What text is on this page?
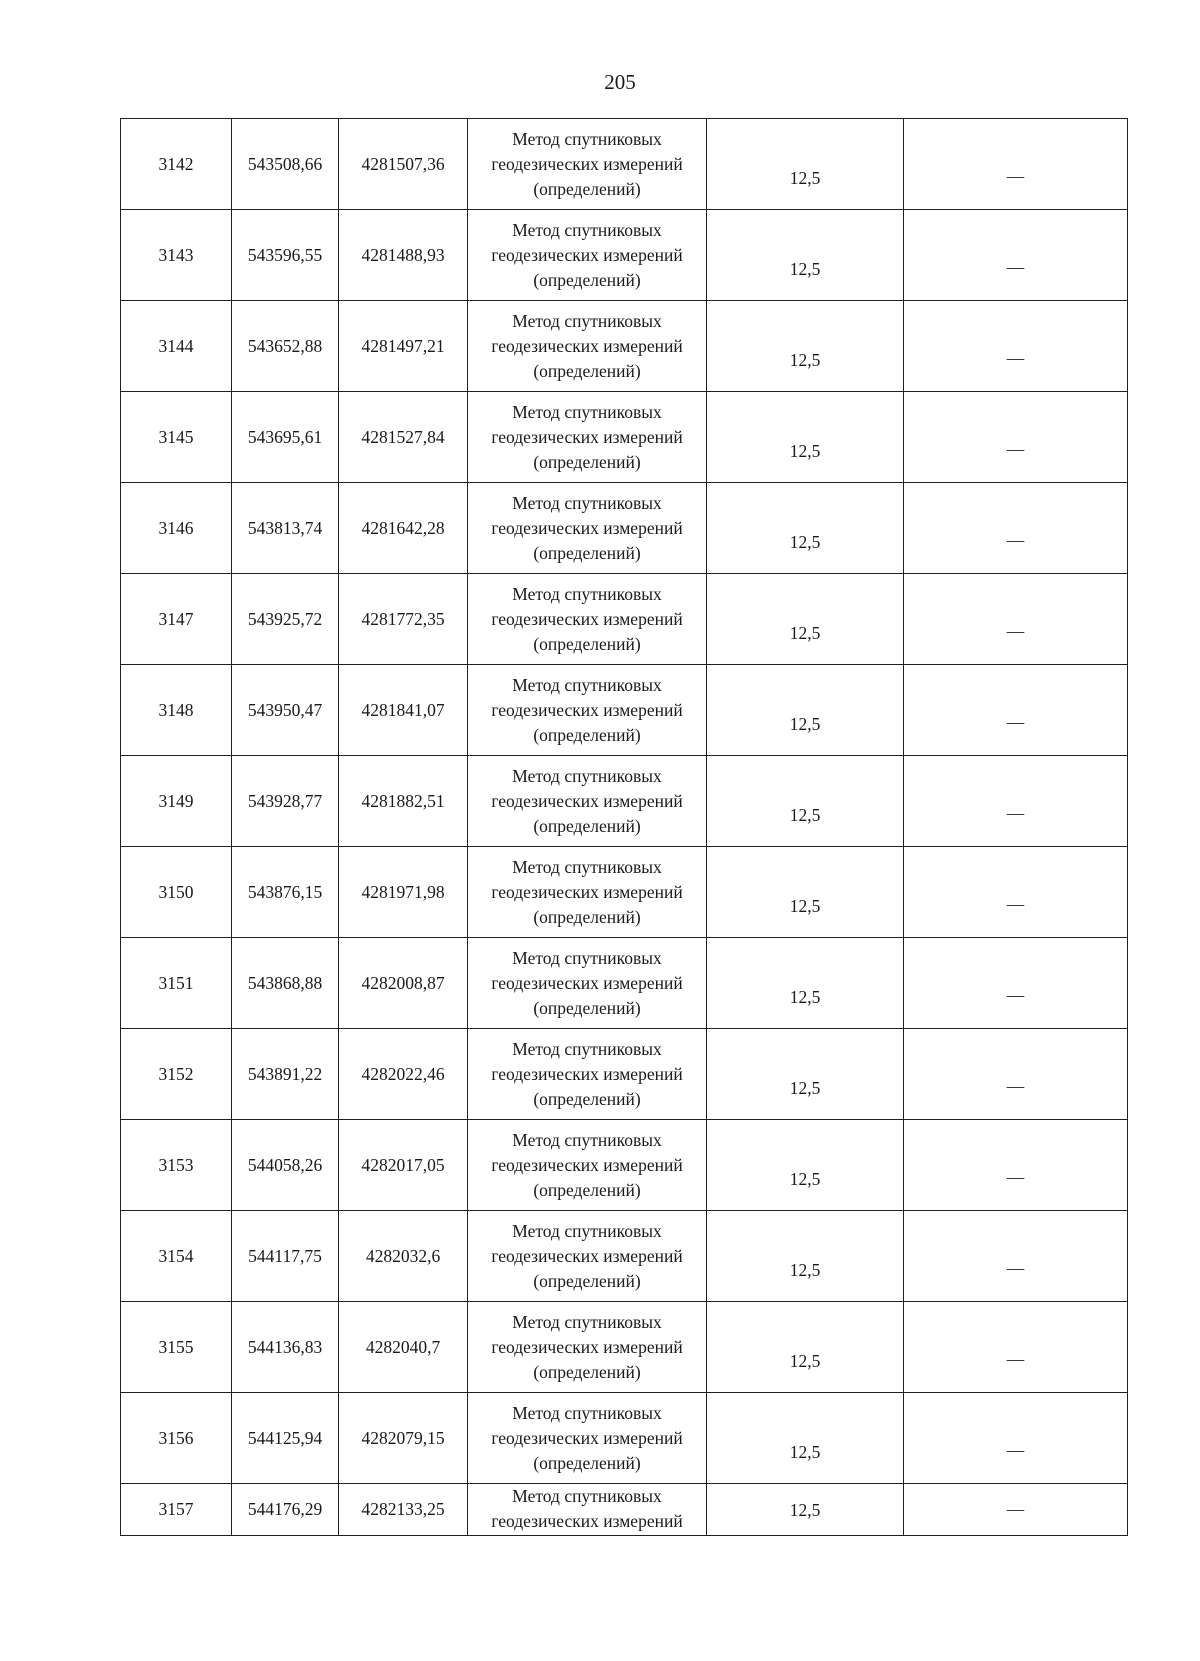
205
3142	543508,66	4281507,36	Метод спутниковых
геодезических измерений
(определений)	12,5	—

3143	543596,55	4281488,93	Метод спутниковых
геодезических измерений
(определений)	12,5	—

3144	543652,88	4281497,21	Метод спутниковых
геодезических измерений
(определений)	12,5	—

3145	543695,61	4281527,84	Метод спутниковых
геодезических измерений
(определений)	12,5	—

3146	543813,74	4281642,28	Метод спутниковых
геодезических измерений
(определений)	12,5	—

3147	543925,72	4281772,35	Метод спутниковых
геодезических измерений
(определений)	12,5	—

3148	543950,47	4281841,07	Метод спутниковых
геодезических измерений
(определений)	12,5	—

3149	543928,77	4281882,51	Метод спутниковых
геодезических измерений
(определений)	12,5	—

3150	543876,15	4281971,98	Метод спутниковых
геодезических измерений
(определений)	12,5	—

3151	543868,88	4282008,87	Метод спутниковых
геодезических измерений
(определений)	12,5	—

3152	543891,22	4282022,46	Метод спутниковых
геодезических измерений
(определений)	12,5	—

3153	544058,26	4282017,05	Метод спутниковых
геодезических измерений
(определений)	12,5	—

3154	544117,75	4282032,6	Метод спутниковых
геодезических измерений
(определений)	12,5	—

3155	544136,83	4282040,7	Метод спутниковых
геодезических измерений
(определений)	12,5	—

3156	544125,94	4282079,15	Метод спутниковых
геодезических измерений
(определений)	12,5	—

3157	544176,29	4282133,25	Метод спутниковых
геодезических измерений	12,5	—
